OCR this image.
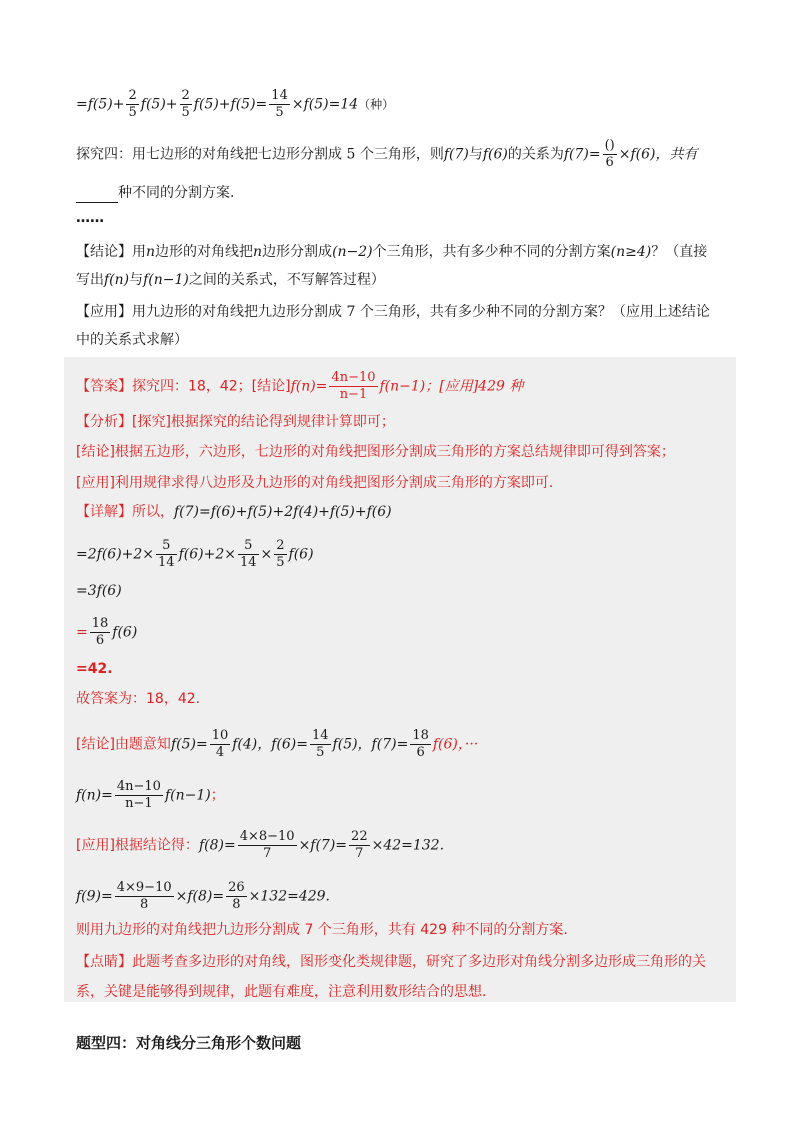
$=f(5)+ \frac{2}{5} f(5)+ \frac{2}{5} f(5)+f(5)= \frac{14}{5} \times f(5)=14$（种）
探究四：用七边形的对角线把七边形分割成 5 个三角形，则f(7)与f(6)的关系为$f(7)= \frac{()}{6} \times f(6)$，共有
种不同的分割方案.
……
【结论】用n边形的对角线把n边形分割成(n−2)个三角形，共有多少种不同的分割方案(n≥4)？（直接
写出f(n)与f(n−1)之间的关系式，不写解答过程）
【应用】用九边形的对角线把九边形分割成 7 个三角形，共有多少种不同的分割方案？（应用上述结论
中的关系式求解）
【答案】探究四：18，42；[结论]$f(n)= \frac{4n-10}{n-1} f(n-1)$；[应用]429 种
【分析】[探究]根据探究的结论得到规律计算即可；
[结论]根据五边形，六边形，七边形的对角线把图形分割成三角形的方案总结规律即可得到答案；
[应用]利用规律求得八边形及九边形的对角线把图形分割成三角形的方案即可.
【详解】所以，f(7)=f(6)+f(5)+2f(4)+f(5)+f(6)
$=2f(6)+2\times \frac{5}{14} f(6)+2\times \frac{5}{14} \times \frac{2}{5} f(6)$
=3f(6)
= $\frac{18}{6} f(6)$
=42.
故答案为：18，42.
[结论]由题意知$f(5)= \frac{10}{4} f(4)$，$f(6)= \frac{14}{5} f(5)$，$f(7)= \frac{18}{6} f(6)$，···
$f(n)= \frac{4n-10}{n-1} f(n-1)$；
[应用]根据结论得：$f(8)= \frac{4\times 8-10}{7} \times f(7)= \frac{22}{7} \times 42=132$.
$f(9)= \frac{4\times 9-10}{8} \times f(8)= \frac{26}{8} \times 132=429$.
则用九边形的对角线把九边形分割成 7 个三角形，共有 429 种不同的分割方案.
【点睛】此题考查多边形的对角线，图形变化类规律题，研究了多边形对角线分割多边形成三角形的关
系，关键是能够得到规律，此题有难度，注意利用数形结合的思想.
题型四：对角线分三角形个数问题
